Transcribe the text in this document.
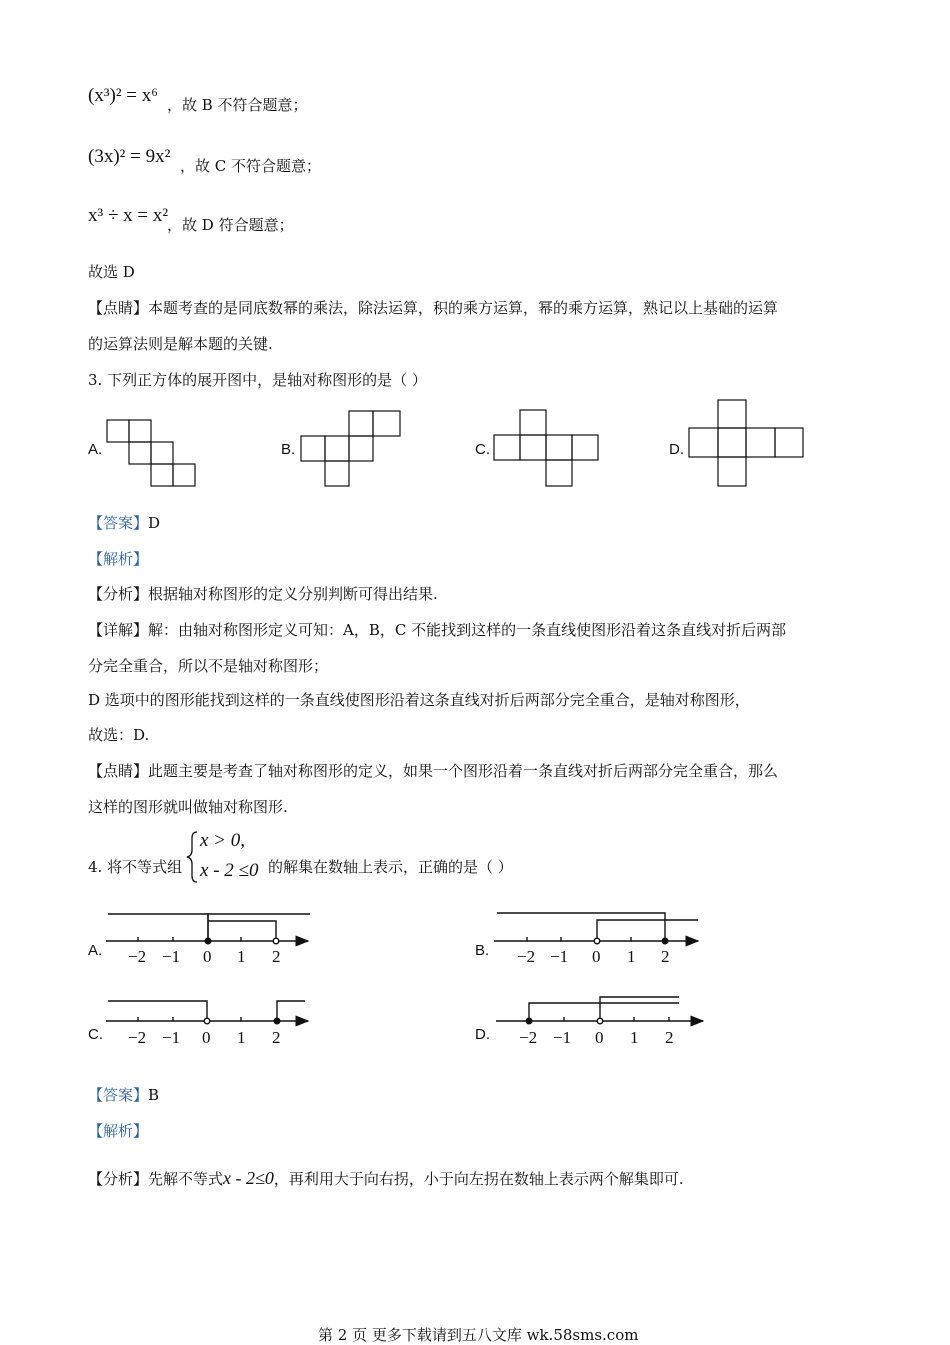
(x³)² = x⁶ ，故 B 不符合题意；
(3x)² = 9x² ，故 C 不符合题意；
x³ ÷ x = x²
，故 D 符合题意；
故选 D
【点睛】本题考查的是同底数幂的乘法，除法运算，积的乘方运算，幂的乘方运算，熟记以上基础的运算
的运算法则是解本题的关键.
3. 下列正方体的展开图中，是轴对称图形的是（ ）
A.	B.	C.	D.
【答案】D
【解析】
【分析】根据轴对称图形的定义分别判断可得出结果.
【详解】解：由轴对称图形定义可知：A，B，C 不能找到这样的一条直线使图形沿着这条直线对折后两部
分完全重合，所以不是轴对称图形；
D 选项中的图形能找到这样的一条直线使图形沿着这条直线对折后两部分完全重合，是轴对称图形，
故选：D.
【点睛】此题主要是考查了轴对称图形的定义，如果一个图形沿着一条直线对折后两部分完全重合，那么
这样的图形就叫做轴对称图形.
4. 将不等式组
x > 0,
x - 2 ≤0 的解集在数轴上表示，正确的是（ ）
A.	B.
C.	D.
−2 −1 0 1 2	−2 −1 0 1 2
−2 −1 0 1 2	−2 −1 0 1 2
【答案】B
【解析】
【分析】先解不等式x - 2≤0，再利用大于向右拐，小于向左拐在数轴上表示两个解集即可.
第 2 页 更多下载请到五八文库 wk.58sms.com
